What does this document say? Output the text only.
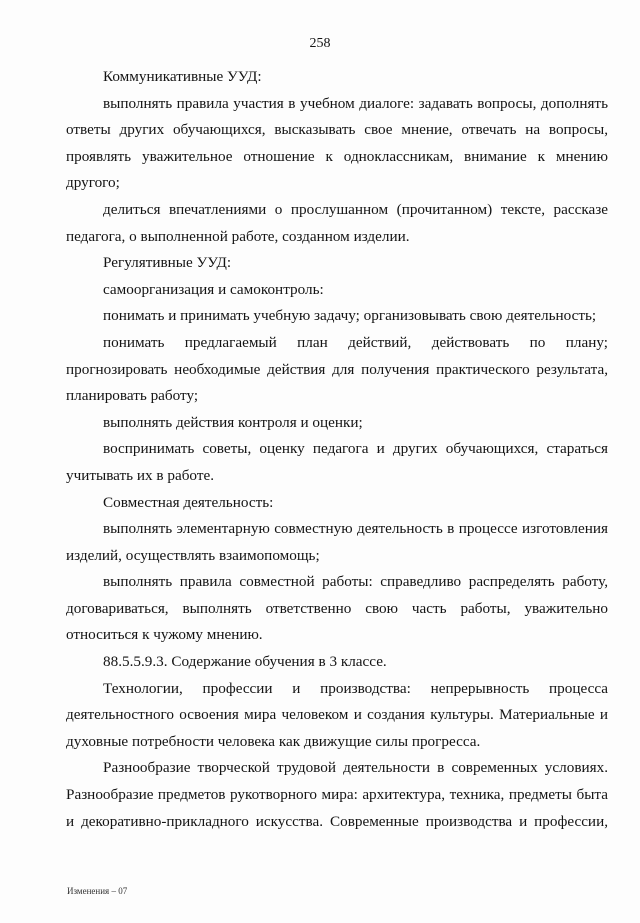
258

Коммуникативные УУД:

выполнять правила участия в учебном диалоге: задавать вопросы, дополнять ответы других обучающихся, высказывать свое мнение, отвечать на вопросы, проявлять уважительное отношение к одноклассникам, внимание к мнению другого;

делиться впечатлениями о прослушанном (прочитанном) тексте, рассказе педагога, о выполненной работе, созданном изделии.

Регулятивные УУД:

самоорганизация и самоконтроль:

понимать и принимать учебную задачу; организовывать свою деятельность;

понимать предлагаемый план действий, действовать по плану; прогнозировать необходимые действия для получения практического результата, планировать работу;

выполнять действия контроля и оценки;

воспринимать советы, оценку педагога и других обучающихся, стараться учитывать их в работе.

Совместная деятельность:

выполнять элементарную совместную деятельность в процессе изготовления изделий, осуществлять взаимопомощь;

выполнять правила совместной работы: справедливо распределять работу, договариваться, выполнять ответственно свою часть работы, уважительно относиться к чужому мнению.

88.5.5.9.3. Содержание обучения в 3 классе.

Технологии, профессии и производства: непрерывность процесса деятельностного освоения мира человеком и создания культуры. Материальные и духовные потребности человека как движущие силы прогресса.

Разнообразие творческой трудовой деятельности в современных условиях. Разнообразие предметов рукотворного мира: архитектура, техника, предметы быта и декоративно-прикладного искусства. Современные производства и профессии,

Изменения – 07
